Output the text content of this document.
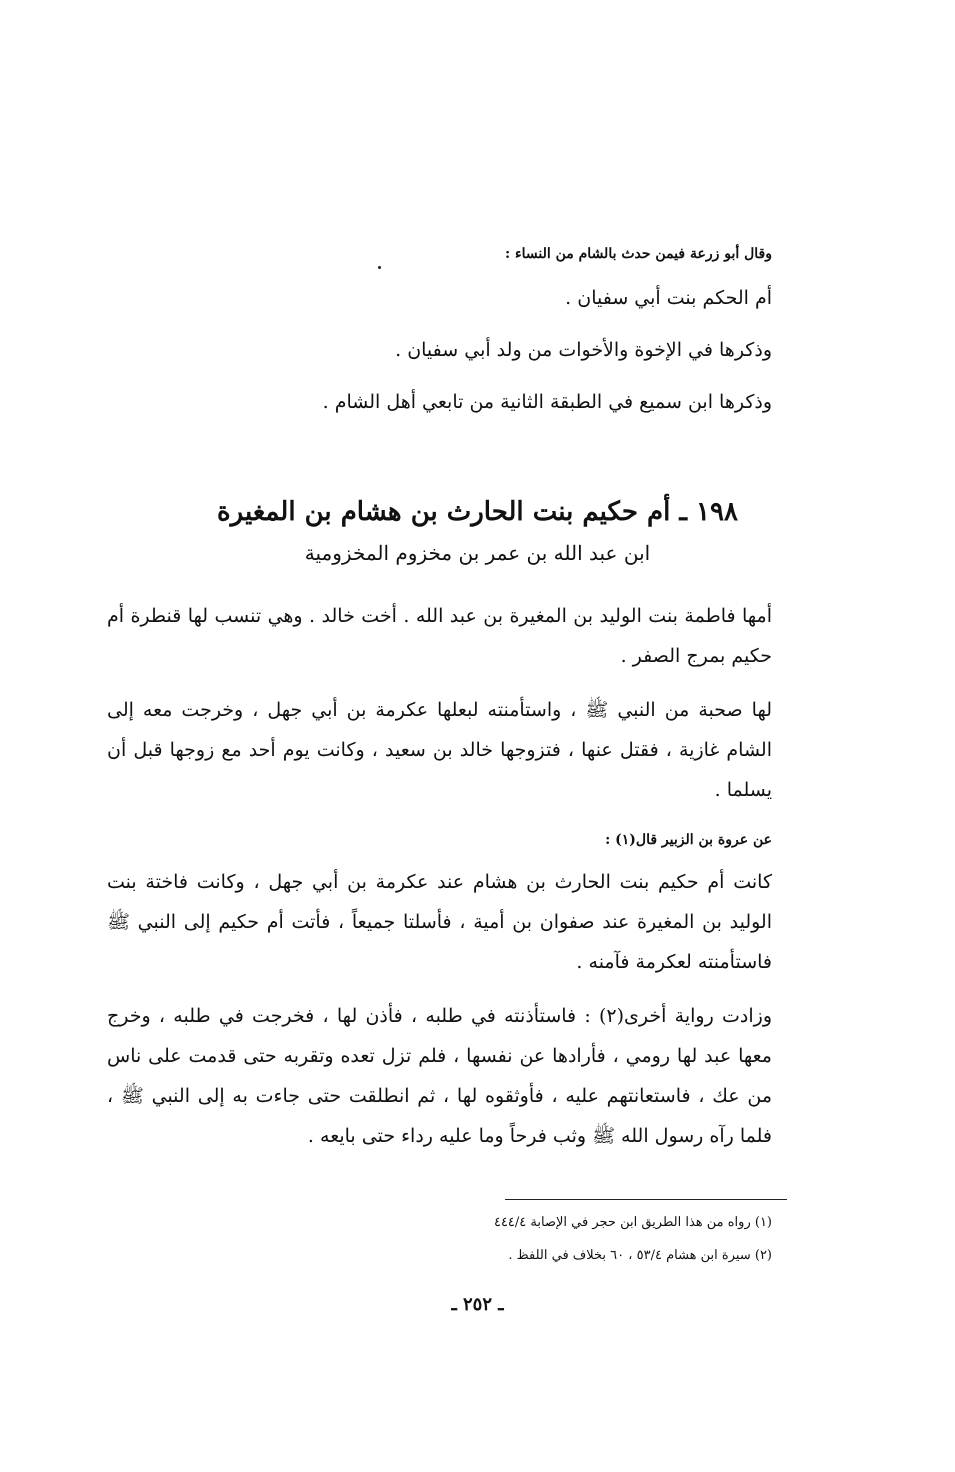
وقال أبو زرعة فيمن حدث بالشام من النساء :
أم الحكم بنت أبي سفيان .
وذكرها في الإخوة والأخوات من ولد أبي سفيان .
وذكرها ابن سميع في الطبقة الثانية من تابعي أهل الشام .
١٩٨ ـ أم حكيم بنت الحارث بن هشام بن المغيرة
ابن عبد الله بن عمر بن مخزوم المخزومية
أمها فاطمة بنت الوليد بن المغيرة بن عبد الله . أخت خالد . وهي تنسب لها قنطرة أم حكيم بمرج الصفر .
لها صحبة من النبي ﷺ ، واستأمنته لبعلها عكرمة بن أبي جهل ، وخرجت معه إلى الشام غازية ، فقتل عنها ، فتزوجها خالد بن سعيد ، وكانت يوم أحد مع زوجها قبل أن يسلما .
عن عروة بن الزبير قال(١) :
كانت أم حكيم بنت الحارث بن هشام عند عكرمة بن أبي جهل ، وكانت فاختة بنت الوليد بن المغيرة عند صفوان بن أمية ، فأسلتا جميعاً ، فأتت أم حكيم إلى النبي ﷺ فاستأمنته لعكرمة فآمنه .
وزادت رواية أخرى(٢) : فاستأذنته في طلبه ، فأذن لها ، فخرجت في طلبه ، وخرج معها عبد لها رومي ، فأرادها عن نفسها ، فلم تزل تعده وتقربه حتى قدمت على ناس من عك ، فاستعانتهم عليه ، فأوثقوه لها ، ثم انطلقت حتى جاءت به إلى النبي ﷺ ، فلما رآه رسول الله ﷺ وثب فرحاً وما عليه رداء حتى بايعه .
(١) رواه من هذا الطريق ابن حجر في الإصابة ٤٤٤/٤
(٢) سيرة ابن هشام ٥٣/٤ ، ٦٠ بخلاف في اللفظ .
ـ ٢٥٢ ـ
